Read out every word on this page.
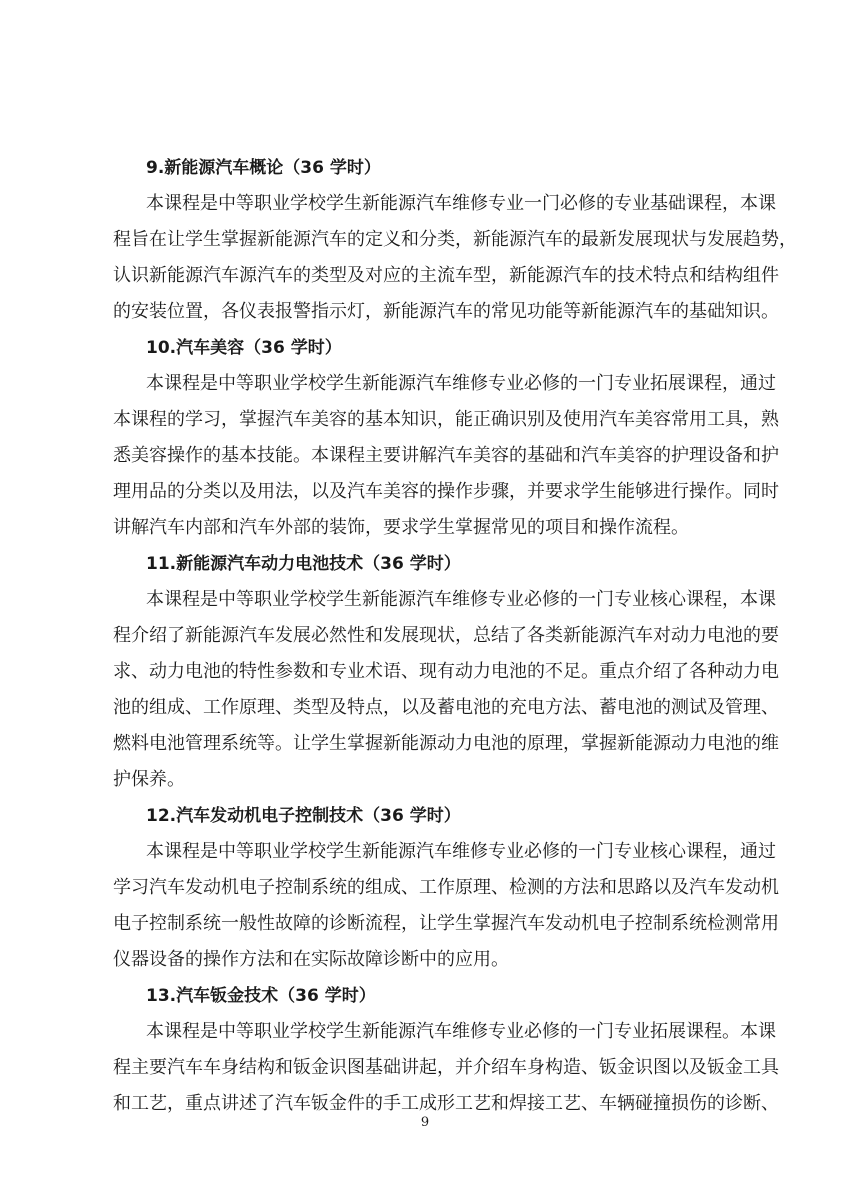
9.新能源汽车概论（36 学时）
本课程是中等职业学校学生新能源汽车维修专业一门必修的专业基础课程，本课
程旨在让学生掌握新能源汽车的定义和分类，新能源汽车的最新发展现状与发展趋势，
认识新能源汽车源汽车的类型及对应的主流车型，新能源汽车的技术特点和结构组件
的安装位置，各仪表报警指示灯，新能源汽车的常见功能等新能源汽车的基础知识。
10.汽车美容（36 学时）
本课程是中等职业学校学生新能源汽车维修专业必修的一门专业拓展课程，通过
本课程的学习，掌握汽车美容的基本知识，能正确识别及使用汽车美容常用工具，熟
悉美容操作的基本技能。本课程主要讲解汽车美容的基础和汽车美容的护理设备和护
理用品的分类以及用法，以及汽车美容的操作步骤，并要求学生能够进行操作。同时
讲解汽车内部和汽车外部的装饰，要求学生掌握常见的项目和操作流程。
11.新能源汽车动力电池技术（36 学时）
本课程是中等职业学校学生新能源汽车维修专业必修的一门专业核心课程，本课
程介绍了新能源汽车发展必然性和发展现状，总结了各类新能源汽车对动力电池的要
求、动力电池的特性参数和专业术语、现有动力电池的不足。重点介绍了各种动力电
池的组成、工作原理、类型及特点，以及蓄电池的充电方法、蓄电池的测试及管理、
燃料电池管理系统等。让学生掌握新能源动力电池的原理，掌握新能源动力电池的维
护保养。
12.汽车发动机电子控制技术（36 学时）
本课程是中等职业学校学生新能源汽车维修专业必修的一门专业核心课程，通过
学习汽车发动机电子控制系统的组成、工作原理、检测的方法和思路以及汽车发动机
电子控制系统一般性故障的诊断流程，让学生掌握汽车发动机电子控制系统检测常用
仪器设备的操作方法和在实际故障诊断中的应用。
13.汽车钣金技术（36 学时）
本课程是中等职业学校学生新能源汽车维修专业必修的一门专业拓展课程。本课
程主要汽车车身结构和钣金识图基础讲起，并介绍车身构造、钣金识图以及钣金工具
和工艺，重点讲述了汽车钣金件的手工成形工艺和焊接工艺、车辆碰撞损伤的诊断、
9
